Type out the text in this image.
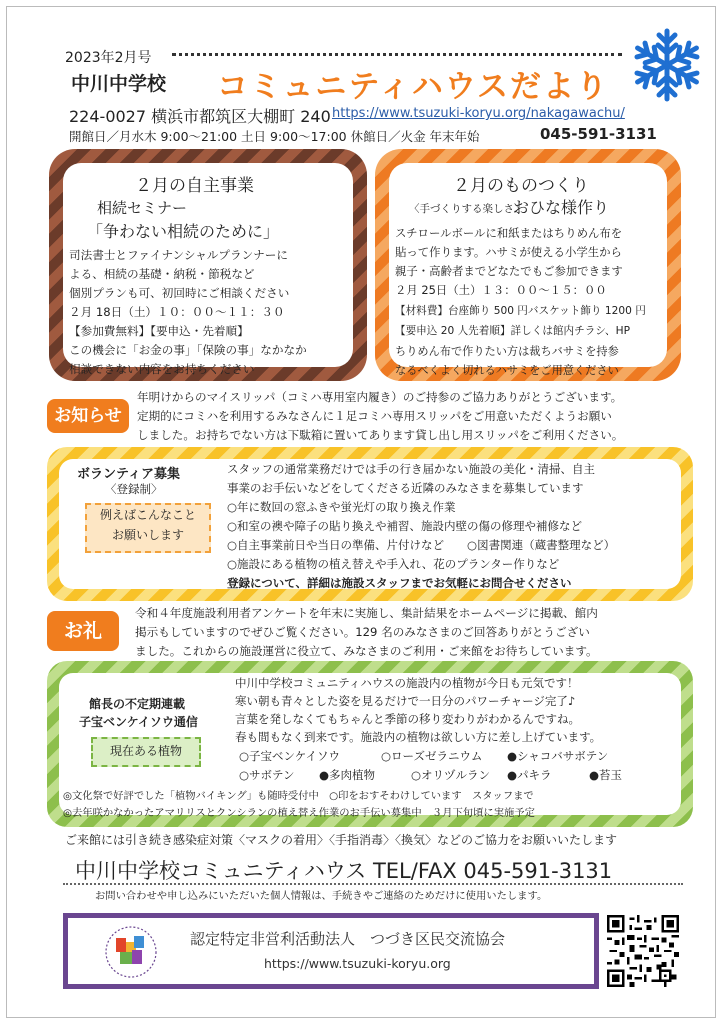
2023年2月号
中川中学校 コミュニティハウスだより
224-0027 横浜市都筑区大棚町 240 https://www.tsuzuki-koryu.org/nakagawachu/
開館日／月水木 9:00～21:00 土日 9:00～17:00 休館日／火金 年末年始	045-591-3131
２月の自主事業
相続セミナー
「争わない相続のために」
司法書士とファイナンシャルプランナーに
よる、相続の基礎・納税・節税など
個別プランも可、初回時にご相談ください
２月 18日（土）１０：００～１１：３０
【参加費無料】【要申込・先着順】
この機会に「お金の事」「保険の事」なかなか
相談できない内容をお持ちください
２月のものつくり
〈手づくりする楽しさ〉
おひな様作り
スチロールボールに和紙またはちりめん布を
貼って作ります。ハサミが使える小学生から
親子・高齢者までどなたでもご参加できます
２月 25日（土）１３：００～１５：００
【材料費】台座飾り 500 円バスケット飾り 1200 円
【要申込 20 人先着順】詳しくは館内チラシ、HP
ちりめん布で作りたい方は裁ちバサミを持参
なるべくよく切れるハサミをご用意ください
お知らせ
年明けからのマイスリッパ（コミハ専用室内履き）のご持参のご協力ありがとうございます。
定期的にコミハを利用するみなさんに１足コミハ専用スリッパをご用意いただくようお願い
しました。お持ちでない方は下駄箱に置いてあります貸し出し用スリッパをご利用ください。
ボランティア募集
〈登録制〉
例えばこんなこと
お願いします
スタッフの通常業務だけでは手の行き届かない施設の美化・清掃、自主
事業のお手伝いなどをしてくださる近隣のみなさまを募集しています
○年に数回の窓ふきや蛍光灯の取り換え作業
○和室の襖や障子の貼り換えや補習、施設内壁の傷の修理や補修など
○自主事業前日や当日の準備、片付けなど　　○図書関連（蔵書整理など）
○施設にある植物の植え替えや手入れ、花のプランター作りなど
登録について、詳細は施設スタッフまでお気軽にお問合せください
お礼
令和４年度施設利用者アンケートを年末に実施し、集計結果をホームページに掲載、館内
掲示もしていますのでぜひご覧ください。129 名のみなさまのご回答ありがとうござい
ました。これからの施設運営に役立て、みなさまのご利用・ご来館をお待ちしています。
館長の不定期連載
子宝ベンケイソウ通信
現在ある植物
中川中学校コミュニティハウスの施設内の植物が今日も元気です！
寒い朝も青々とした姿を見るだけで一日分のパワーチャージ完了♪
言葉を発しなくてもちゃんと季節の移り変わりがわかるんですね。
春も間もなく到来です。施設内の植物は欲しい方に差し上げています。
○子宝ベンケイソウ	○ローズゼラニウム ●シャコバサボテン
○サボテン ●多肉植物	○オリヅルラン ●パキラ	●苔玉
◎文化祭で好評でした「植物バイキング」も随時受付中　○印をおすそわけしています　スタッフまで
◎去年咲かなかったアマリリスとクンシランの植え替え作業のお手伝い募集中　３月下旬頃に実施予定
ご来館には引き続き感染症対策〈マスクの着用〉〈手指消毒〉〈換気〉などのご協力をお願いいたします
中川中学校コミュニティハウス TEL/FAX 045-591-3131
お問い合わせや申し込みにいただいた個人情報は、手続きやご連絡のためだけに使用いたします。
認定特定非営利活動法人　つづき区民交流協会
https://www.tsuzuki-koryu.org
